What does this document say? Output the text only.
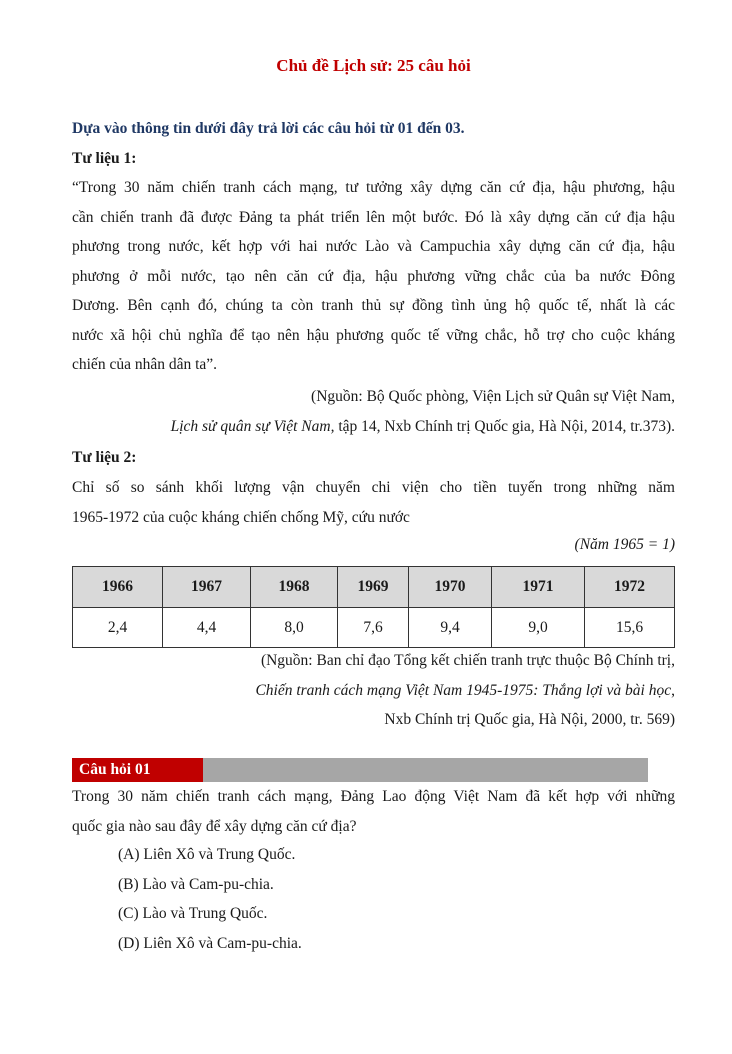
Chủ đề Lịch sử: 25 câu hỏi
Dựa vào thông tin dưới đây trả lời các câu hỏi từ 01 đến 03.
Tư liệu 1:
“Trong 30 năm chiến tranh cách mạng, tư tưởng xây dựng căn cứ địa, hậu phương, hậu
cần chiến tranh đã được Đảng ta phát triển lên một bước. Đó là xây dựng căn cứ địa hậu
phương trong nước, kết hợp với hai nước Lào và Campuchia xây dựng căn cứ địa, hậu
phương ở mỗi nước, tạo nên căn cứ địa, hậu phương vững chắc của ba nước Đông
Dương. Bên cạnh đó, chúng ta còn tranh thủ sự đồng tình ủng hộ quốc tế, nhất là các
nước xã hội chủ nghĩa để tạo nên hậu phương quốc tế vững chắc, hỗ trợ cho cuộc kháng
chiến của nhân dân ta”.
(Nguồn: Bộ Quốc phòng, Viện Lịch sử Quân sự Việt Nam,
Lịch sử quân sự Việt Nam, tập 14, Nxb Chính trị Quốc gia, Hà Nội, 2014, tr.373).
Tư liệu 2:
Chỉ số so sánh khối lượng vận chuyển chi viện cho tiền tuyến trong những năm
1965-1972 của cuộc kháng chiến chống Mỹ, cứu nước
(Năm 1965 = 1)
1966	1967	1968	1969	1970	1971	1972
2,4	4,4	8,0	7,6	9,4	9,0	15,6
(Nguồn: Ban chỉ đạo Tổng kết chiến tranh trực thuộc Bộ Chính trị,
Chiến tranh cách mạng Việt Nam 1945-1975: Thắng lợi và bài học,
Nxb Chính trị Quốc gia, Hà Nội, 2000, tr. 569)
Câu hỏi 01
Trong 30 năm chiến tranh cách mạng, Đảng Lao động Việt Nam đã kết hợp với những
quốc gia nào sau đây để xây dựng căn cứ địa?
(A) Liên Xô và Trung Quốc.
(B) Lào và Cam-pu-chia.
(C) Lào và Trung Quốc.
(D) Liên Xô và Cam-pu-chia.
